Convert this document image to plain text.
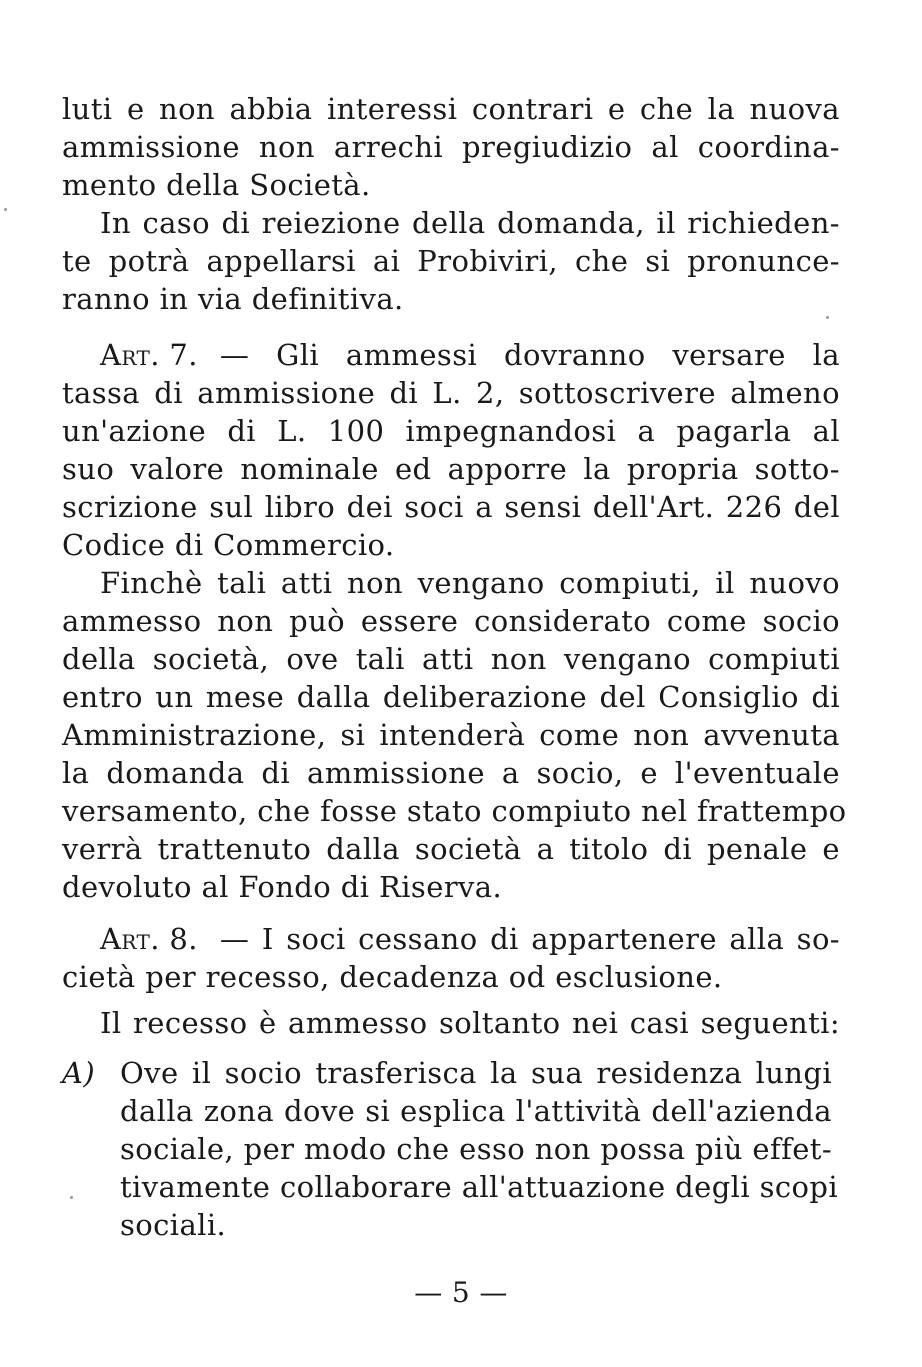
luti e non abbia interessi contrari e che la nuova
ammissione non arrechi pregiudizio al coordina-
mento della Società.
In caso di reiezione della domanda, il richieden-
te potrà appellarsi ai Probiviri, che si pronunce-
ranno in via definitiva.
Art. 7. — Gli ammessi dovranno versare la
tassa di ammissione di L. 2, sottoscrivere almeno
un'azione di L. 100 impegnandosi a pagarla al
suo valore nominale ed apporre la propria sotto-
scrizione sul libro dei soci a sensi dell'Art. 226 del
Codice di Commercio.
Finchè tali atti non vengano compiuti, il nuovo
ammesso non può essere considerato come socio
della società, ove tali atti non vengano compiuti
entro un mese dalla deliberazione del Consiglio di
Amministrazione, si intenderà come non avvenuta
la domanda di ammissione a socio, e l'eventuale
versamento, che fosse stato compiuto nel frattempo
verrà trattenuto dalla società a titolo di penale e
devoluto al Fondo di Riserva.
Art. 8. — I soci cessano di appartenere alla so-
cietà per recesso, decadenza od esclusione.
Il recesso è ammesso soltanto nei casi seguenti:
A) Ove il socio trasferisca la sua residenza lungi
dalla zona dove si esplica l'attività dell'azienda
sociale, per modo che esso non possa più effet-
tivamente collaborare all'attuazione degli scopi
sociali.
— 5 —
